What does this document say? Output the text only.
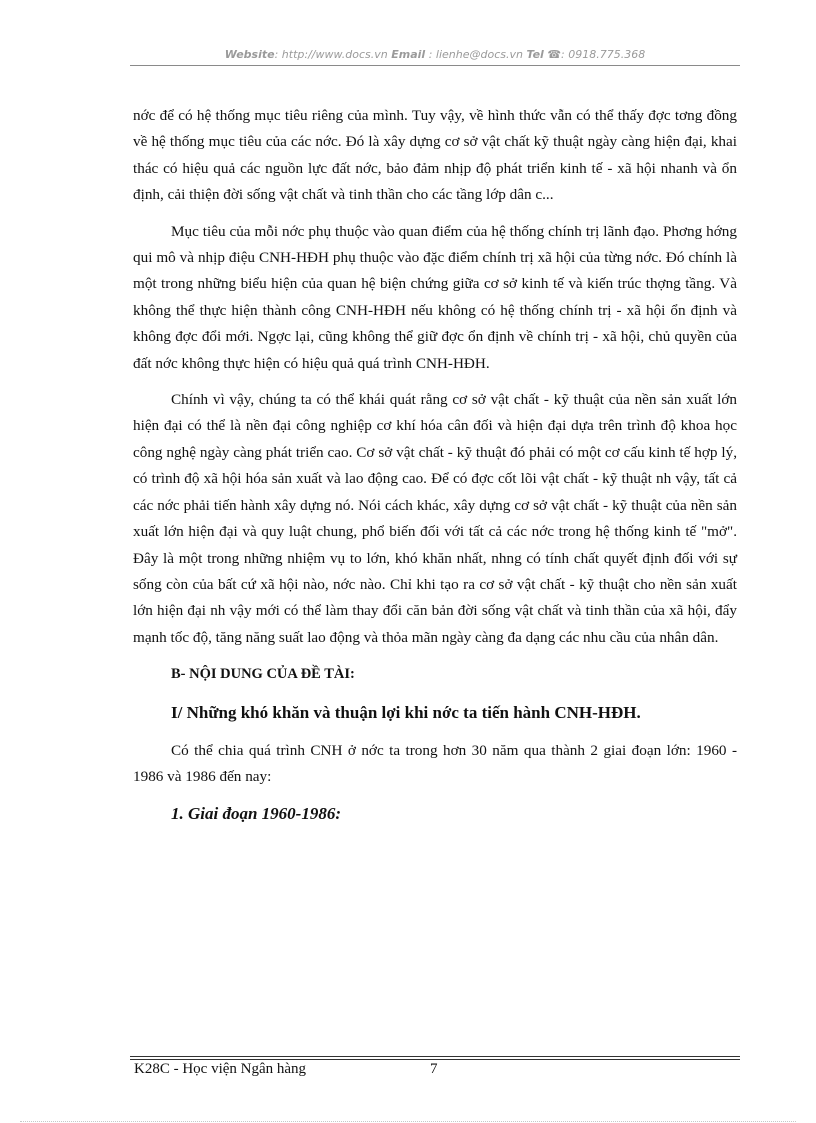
Website: http://www.docs.vn Email : lienhe@docs.vn Tel ☎: 0918.775.368

nớc để có hệ thống mục tiêu riêng của mình. Tuy vậy, về hình thức vẫn có thể thấy đợc tơng đồng về hệ thống mục tiêu của các nớc. Đó là xây dựng cơ sở vật chất kỹ thuật ngày càng hiện đại, khai thác có hiệu quả các nguồn lực đất nớc, bảo đảm nhịp độ phát triển kinh tế - xã hội nhanh và ổn định, cải thiện đời sống vật chất và tinh thần cho các tầng lớp dân c...

Mục tiêu của mỗi nớc phụ thuộc vào quan điểm của hệ thống chính trị lãnh đạo. Phơng hớng qui mô và nhịp điệu CNH-HĐH phụ thuộc vào đặc điểm chính trị xã hội của từng nớc. Đó chính là một trong những biểu hiện của quan hệ biện chứng giữa cơ sở kinh tế và kiến trúc thợng tầng. Và không thể thực hiện thành công CNH-HĐH nếu không có hệ thống chính trị - xã hội ổn định và không đợc đổi mới. Ngợc lại, cũng không thể giữ đợc ổn định về chính trị - xã hội, chủ quyền của đất nớc không thực hiện có hiệu quả quá trình CNH-HĐH.

Chính vì vậy, chúng ta có thể khái quát rằng cơ sở vật chất - kỹ thuật của nền sản xuất lớn hiện đại có thể là nền đại công nghiệp cơ khí hóa cân đối và hiện đại dựa trên trình độ khoa học công nghệ ngày càng phát triển cao. Cơ sở vật chất - kỹ thuật đó phải có một cơ cấu kinh tế hợp lý, có trình độ xã hội hóa sản xuất và lao động cao. Để có đợc cốt lõi vật chất - kỹ thuật nh vậy, tất cả các nớc phải tiến hành xây dựng nó. Nói cách khác, xây dựng cơ sở vật chất - kỹ thuật của nền sản xuất lớn hiện đại và quy luật chung, phổ biến đối với tất cả các nớc trong hệ thống kinh tế "mở". Đây là một trong những nhiệm vụ to lớn, khó khăn nhất, nhng có tính chất quyết định đối với sự sống còn của bất cứ xã hội nào, nớc nào. Chỉ khi tạo ra cơ sở vật chất - kỹ thuật cho nền sản xuất lớn hiện đại nh vậy mới có thể làm thay đổi căn bản đời sống vật chất và tinh thần của xã hội, đẩy mạnh tốc độ, tăng năng suất lao động và thỏa mãn ngày càng đa dạng các nhu cầu của nhân dân.

B- NỘI DUNG CỦA ĐỀ TÀI:
I/ Những khó khăn và thuận lợi khi nớc ta tiến hành CNH-HĐH.

Có thể chia quá trình CNH ở nớc ta trong hơn 30 năm qua thành 2 giai đoạn lớn: 1960 - 1986 và 1986 đến nay:

1. Giai đoạn 1960-1986:
K28C - Học viện Ngân hàng	7
